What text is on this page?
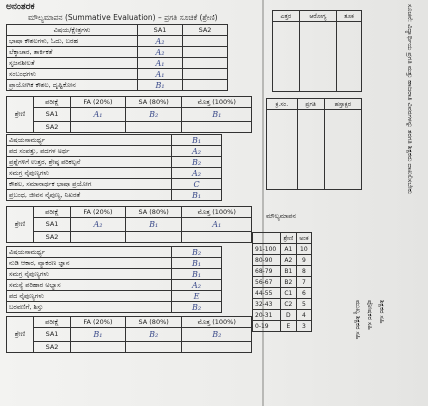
ಅನಂತರಕ
ಮೌಲ್ಯಮಾಪನ (Summative Evaluation) – ಪ್ರಗತಿ ಸೂಚಿಕೆ (ಶ್ರೇಣಿ)
ವಿಷಯ/ಕ್ಷೇತ್ರಗಳು	SA1	SA2
ಭಾಷಾ ಕೌಶಲಗಳು, ಓದು, ಬರಹ	A₂	
ಲೆಕ್ಕಾಚಾರ, ತಾರ್ಕಿಕತೆ	A₂	
ಸೃಜನಶೀಲತೆ	A₁	
ಸಂಬಂಧಗಳು	A₁	
ಪ್ರಾಯೋಗಿಕ ಕೌಶಲ, ದೃಷ್ಟಿಕೋನ	B₁	
ಶ್ರೇಣಿ	ಪರೀಕ್ಷೆ	FA (20%)	SA (80%)	ಮೊತ್ತ (100%)
	SA1	A₁	B₂	B₁
	SA2			
ವಿಷಯಸಾಮರ್ಥ್ಯ	B₁
ಪದ ಸಂಪತ್ತು, ಪದಗಳ ಅರ್ಥ	A₂
ಪ್ರಶ್ನೆಗಳಿಗೆ ಉತ್ತರ, ಶ್ರೇಷ್ಠ ಪರಿಕಲ್ಪನೆ	B₂
ಸಮಗ್ರ ನೈಪುಣ್ಯಗಳು	A₂
ಕೌಶಲ, ಸಮಾನಾರ್ಥಕ ಭಾಷಾ ಪ್ರಯೋಗ	C
ಪ್ರಬಂಧ, ಜೀವನ ನೈಪುಣ್ಯ, ನಿಖರತೆ	B₁
ಶ್ರೇಣಿ	ಪರೀಕ್ಷೆ	FA (20%)	SA (80%)	ಮೊತ್ತ (100%)
	SA1	A₂	B₁	A₁
	SA2			
ವಿಷಯಸಾಮರ್ಥ್ಯ	B₂
ನುಡಿ ಆಕಾರ, ವ್ಯಾಕರಣ ಜ್ಞಾನ	B₁
ಸಮಗ್ರ ನೈಪುಣ್ಯಗಳು	B₁
ಸಮಸ್ಯೆ ಪರಿಹಾರ ಅಭ್ಯಾಸ	A₂
ಪದ ನೈಪುಣ್ಯಗಳು	E
ಬರವಣಿಗೆ, ಶಿಸ್ತು	B₂
ಶ್ರೇಣಿ	ಪರೀಕ್ಷೆ	FA (20%)	SA (80%)	ಮೊತ್ತ (100%)
	SA1	B₁	B₂	B₂
	SA2			
ಎತ್ತರ	ಆರೋಗ್ಯ	ತೂಕ

ಕ್ರ.ಸಂ.	ಪ್ರಗತಿ	ಹಸ್ತಾಕ್ಷರ

ಮೌಲ್ಯಮಾಪನ
	ಶ್ರೇಣಿ	ಅಂಕ
91-100	A1	10
80-90	A2	9
68-79	B1	8
56-67	B2	7
44-55	C1	6
32-43	C2	5
20-31	D	4
0-19	E	3
ಸೂಚನೆ: ವಿದ್ಯಾರ್ಥಿಯ ಪ್ರಗತಿ ಮತ್ತು ಹಾಜರಾತಿ ವಿವರಗಳನ್ನು ತರಗತಿ ಶಿಕ್ಷಕರು ದಾಖಲಿಸಬೇಕು
ಶಿಕ್ಷಕರ ಸಹಿ
ಪೋಷಕರ ಸಹಿ
ಮುಖ್ಯ ಶಿಕ್ಷಕರ ಸಹಿ
